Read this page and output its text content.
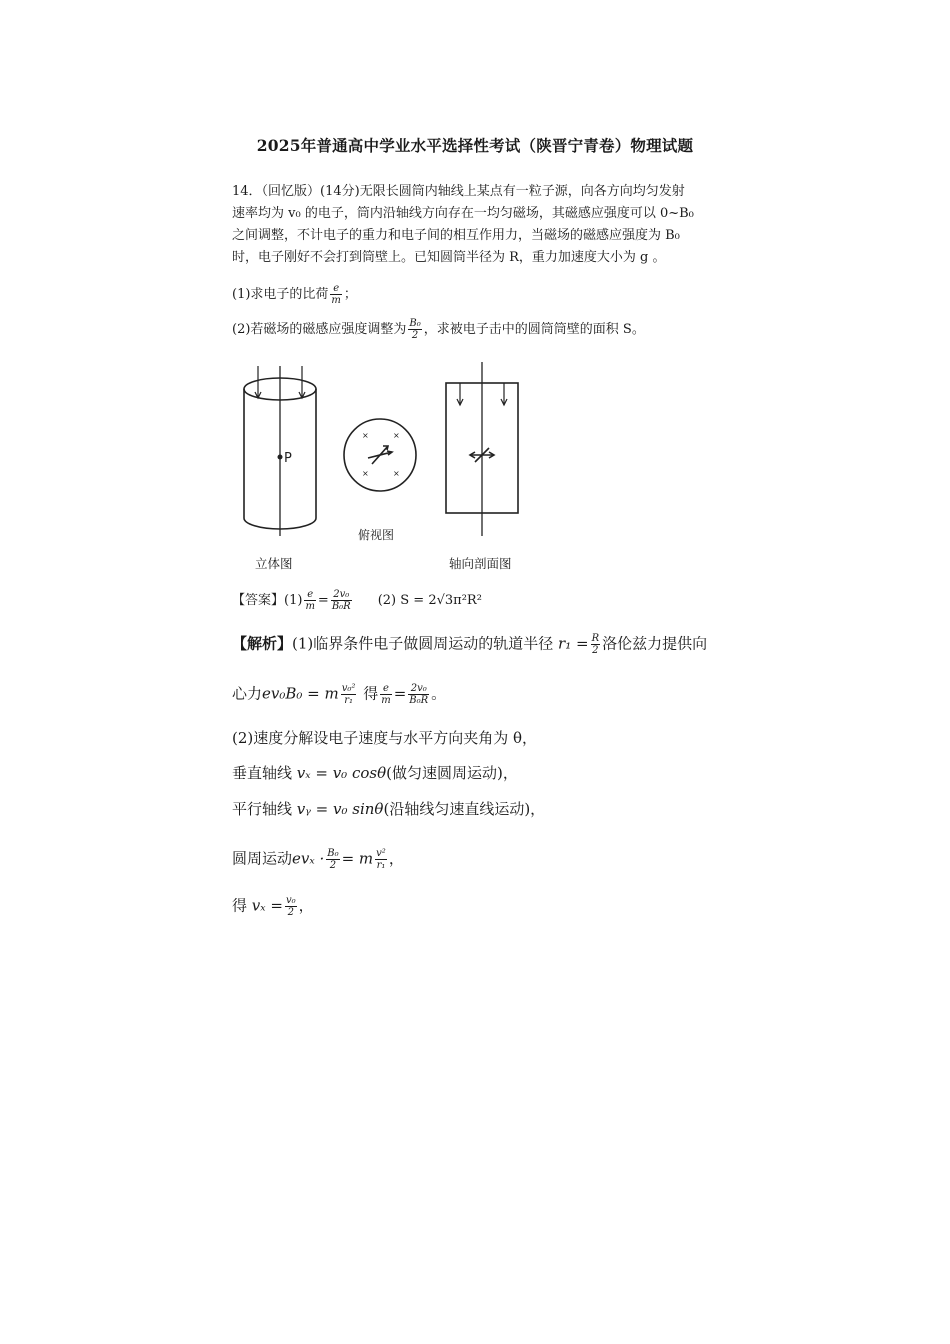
2025年普通高中学业水平选择性考试（陕晋宁青卷）物理试题
14．（回忆版）(14分)无限长圆筒内轴线上某点有一粒子源，向各方向均匀发射
速率均为 v₀ 的电子，筒内沿轴线方向存在一均匀磁场，其磁感应强度可以 0~B₀
之间调整，不计电子的重力和电子间的相互作用力，当磁场的磁感应强度为 B₀
时，电子刚好不会打到筒壁上。已知圆筒半径为 R，重力加速度大小为 g 。
(1)求电子的比荷 $\frac{e}{m}$ ；
(2)若磁场的磁感应强度调整为 $\frac{\text{B₀}}{2}$ ，求被电子击中的圆筒筒壁的面积 S。
P
×	×
×	×
俯视图
立体图	轴向剖面图
【答案】$(1) \frac{e}{m} = \frac{\text{2v₀}}{\text{B₀R}} (2) S = 2√3\pi^2R^2$
【解析】(1)临界条件电子做圆周运动的轨道半径 $r_1 = \frac{R}{2}$ 洛伦兹力提供向
心力ev₀B₀ = m $\frac{\text{v₀²}}{\text{r₁}}$ 得 $\frac{e}{m} = \frac{\text{2v₀}}{\text{B₀R}}$ 。
(2)速度分解设电子速度与水平方向夹角为 θ，
垂直轴线 vₓ = v₀ cosθ(做匀速圆周运动)，
平行轴线 vᵧ = v₀ sinθ(沿轴线匀速直线运动)，
圆周运动$ev_x \cdot \frac{\text{B₀}}{2} = m \frac{\text{v²}}{\text{r₁}}$ ，
得 $v_x = \frac{\text{v₀}}{2}$ ，
